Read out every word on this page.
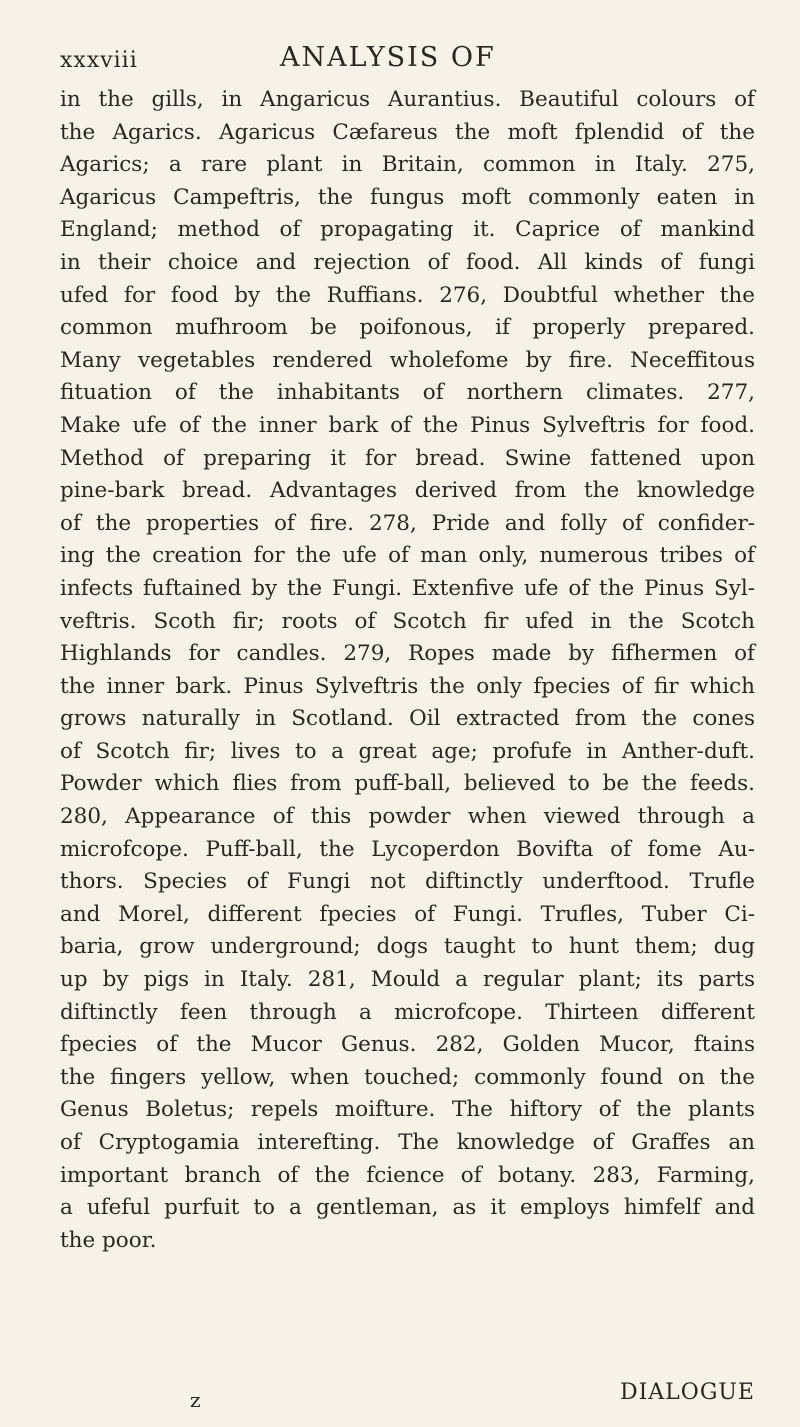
xxxviii	ANALYSIS OF
in the gills, in Angaricus Aurantius. Beautiful colours of
the Agarics. Agaricus Cæfareus the moft fplendid of the
Agarics; a rare plant in Britain, common in Italy. 275,
Agaricus Campeftris, the fungus moft commonly eaten in
England; method of propagating it. Caprice of mankind
in their choice and rejection of food. All kinds of fungi
ufed for food by the Ruffians. 276, Doubtful whether the
common mufhroom be poifonous, if properly prepared.
Many vegetables rendered wholefome by fire. Neceffitous
fituation of the inhabitants of northern climates. 277,
Make ufe of the inner bark of the Pinus Sylveftris for food.
Method of preparing it for bread. Swine fattened upon
pine-bark bread. Advantages derived from the knowledge
of the properties of fire. 278, Pride and folly of confider-
ing the creation for the ufe of man only, numerous tribes of
infects fuftained by the Fungi. Extenfive ufe of the Pinus Syl-
veftris. Scoth fir; roots of Scotch fir ufed in the Scotch
Highlands for candles. 279, Ropes made by fifhermen of
the inner bark. Pinus Sylveftris the only fpecies of fir which
grows naturally in Scotland. Oil extracted from the cones
of Scotch fir; lives to a great age; profufe in Anther-duft.
Powder which flies from puff-ball, believed to be the feeds.
280, Appearance of this powder when viewed through a
microfcope. Puff-ball, the Lycoperdon Bovifta of fome Au-
thors. Species of Fungi not diftinctly underftood. Trufle
and Morel, different fpecies of Fungi. Trufles, Tuber Ci-
baria, grow underground; dogs taught to hunt them; dug
up by pigs in Italy. 281, Mould a regular plant; its parts
diftinctly feen through a microfcope. Thirteen different
fpecies of the Mucor Genus. 282, Golden Mucor, ftains
the fingers yellow, when touched; commonly found on the
Genus Boletus; repels moifture. The hiftory of the plants
of Cryptogamia interefting. The knowledge of Graffes an
important branch of the fcience of botany. 283, Farming,
a ufeful purfuit to a gentleman, as it employs himfelf and
the poor.
z	DIALOGUE
